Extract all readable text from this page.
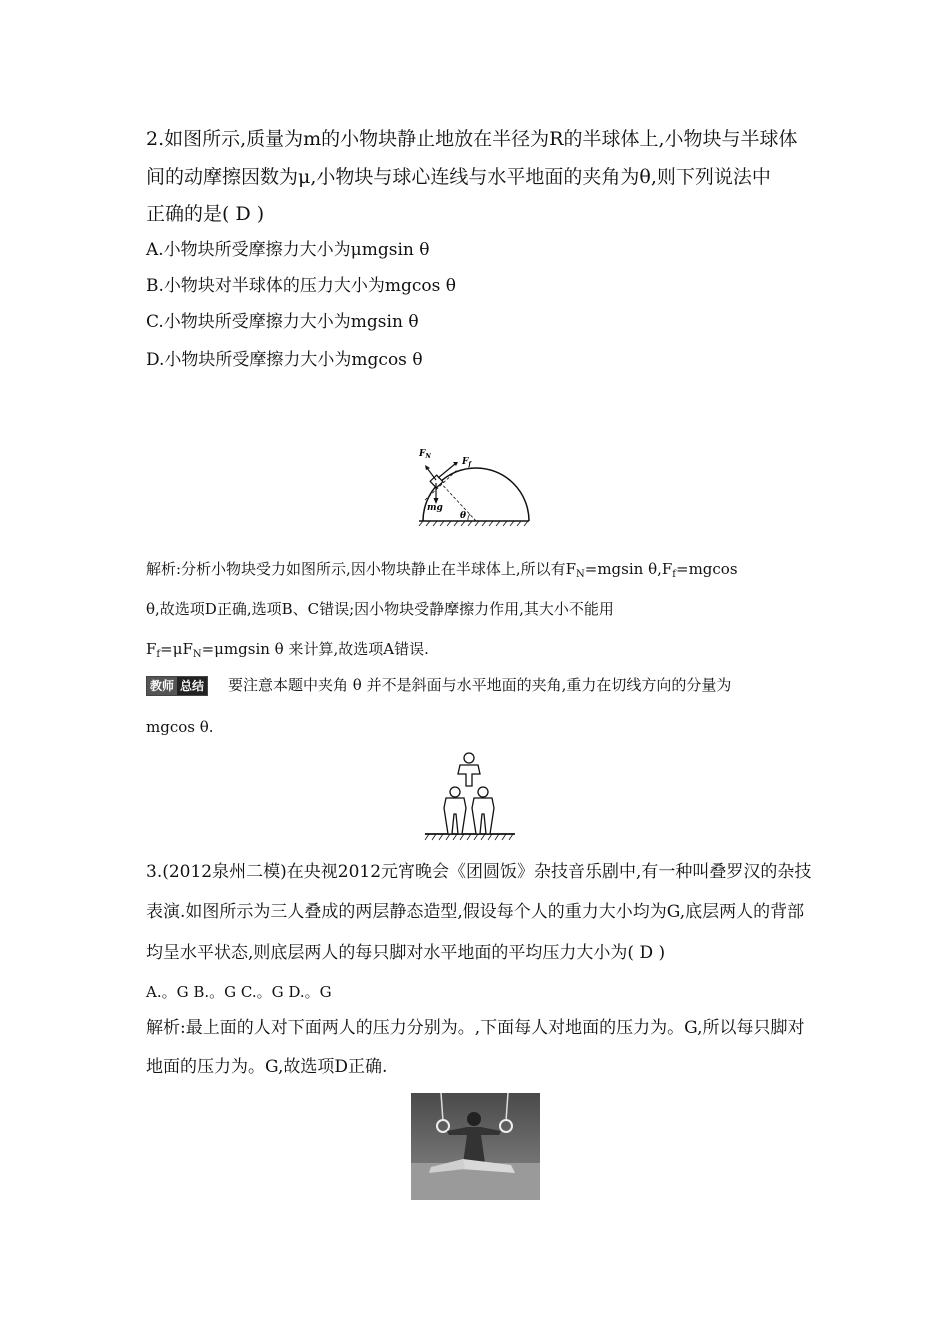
2.如图所示,质量为m的小物块静止地放在半径为R的半球体上,小物块与半球体
间的动摩擦因数为μ,小物块与球心连线与水平地面的夹角为θ,则下列说法中
正确的是( D )
A.小物块所受摩擦力大小为μmgsin θ
B.小物块对半球体的压力大小为mgcos θ
C.小物块所受摩擦力大小为mgsin θ
D.小物块所受摩擦力大小为mgcos θ
$F_N$
$F_f$
mg
θ
解析:分析小物块受力如图所示,因小物块静止在半球体上,所以有$F_N=mgsin$ $\theta,F_f=mgcos$
θ,故选项D正确,选项B、C错误;因小物块受静摩擦力作用,其大小不能用
$F_f=\mu F_N=\mu mgsin$ θ 来计算,故选项A错误.
教师 总结 要注意本题中夹角 θ 并不是斜面与水平地面的夹角,重力在切线方向的分量为
mgcos θ.
3.(2012泉州二模)在央视2012元宵晚会《团圆饭》杂技音乐剧中,有一种叫叠罗汉的杂技
表演.如图所示为三人叠成的两层静态造型,假设每个人的重力大小均为G,底层两人的背部
均呈水平状态,则底层两人的每只脚对水平地面的平均压力大小为( D )
A.。G B.。G C.。G D.。G
解析:最上面的人对下面两人的压力分别为。,下面每人对地面的压力为。G,所以每只脚对
地面的压力为。G,故选项D正确.
